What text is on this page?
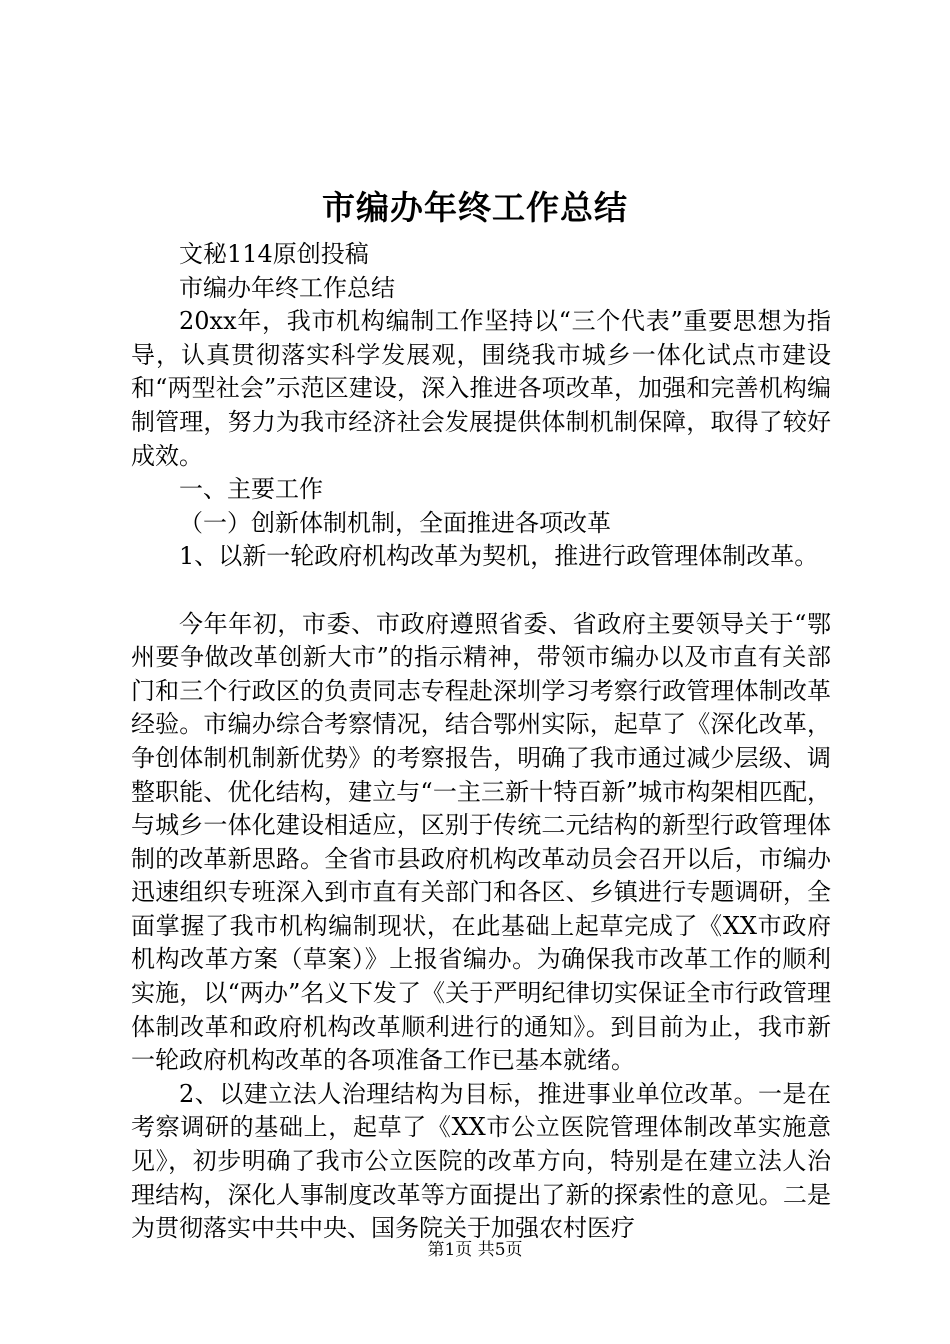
市编办年终工作总结

文秘114原创投稿

市编办年终工作总结

20xx年，我市机构编制工作坚持以“三个代表”重要思想为指导，认真贯彻落实科学发展观，围绕我市城乡一体化试点市建设和“两型社会”示范区建设，深入推进各项改革，加强和完善机构编制管理，努力为我市经济社会发展提供体制机制保障，取得了较好成效。

一、主要工作

（一）创新体制机制，全面推进各项改革

1、以新一轮政府机构改革为契机，推进行政管理体制改革。

今年年初，市委、市政府遵照省委、省政府主要领导关于“鄂州要争做改革创新大市”的指示精神，带领市编办以及市直有关部门和三个行政区的负责同志专程赴深圳学习考察行政管理体制改革经验。市编办综合考察情况，结合鄂州实际，起草了《深化改革，争创体制机制新优势》的考察报告，明确了我市通过减少层级、调整职能、优化结构，建立与“一主三新十特百新”城市构架相匹配，与城乡一体化建设相适应，区别于传统二元结构的新型行政管理体制的改革新思路。全省市县政府机构改革动员会召开以后，市编办迅速组织专班深入到市直有关部门和各区、乡镇进行专题调研，全面掌握了我市机构编制现状，在此基础上起草完成了《XX市政府机构改革方案（草案）》上报省编办。为确保我市改革工作的顺利实施，以“两办”名义下发了《关于严明纪律切实保证全市行政管理体制改革和政府机构改革顺利进行的通知》。到目前为止，我市新一轮政府机构改革的各项准备工作已基本就绪。

2、以建立法人治理结构为目标，推进事业单位改革。一是在考察调研的基础上，起草了《XX市公立医院管理体制改革实施意见》，初步明确了我市公立医院的改革方向，特别是在建立法人治理结构，深化人事制度改革等方面提出了新的探索性的意见。二是为贯彻落实中共中央、国务院关于加强农村医疗

第1页 共5页
